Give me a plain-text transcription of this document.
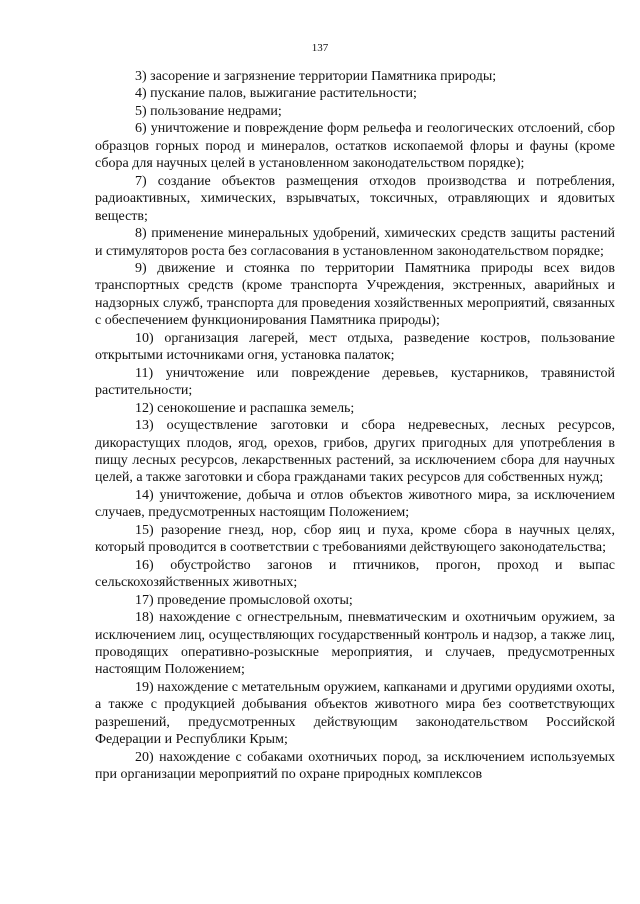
137

3) засорение и загрязнение территории Памятника природы;

4) пускание палов, выжигание растительности;

5) пользование недрами;

6) уничтожение и повреждение форм рельефа и геологических отслоений, сбор образцов горных пород и минералов, остатков ископаемой флоры и фауны (кроме сбора для научных целей в установленном законодательством порядке);

7) создание объектов размещения отходов производства и потребления, радиоактивных, химических, взрывчатых, токсичных, отравляющих и ядовитых веществ;

8) применение минеральных удобрений, химических средств защиты растений и стимуляторов роста без согласования в установленном законодательством порядке;

9) движение и стоянка по территории Памятника природы всех видов транспортных средств (кроме транспорта Учреждения, экстренных, аварийных и надзорных служб, транспорта для проведения хозяйственных мероприятий, связанных с обеспечением функционирования Памятника природы);

10) организация лагерей, мест отдыха, разведение костров, пользование открытыми источниками огня, установка палаток;

11) уничтожение или повреждение деревьев, кустарников, травянистой растительности;

12) сенокошение и распашка земель;

13) осуществление заготовки и сбора недревесных, лесных ресурсов, дикорастущих плодов, ягод, орехов, грибов, других пригодных для употребления в пищу лесных ресурсов, лекарственных растений, за исключением сбора для научных целей, а также заготовки и сбора гражданами таких ресурсов для собственных нужд;

14) уничтожение, добыча и отлов объектов животного мира, за исключением случаев, предусмотренных настоящим Положением;

15) разорение гнезд, нор, сбор яиц и пуха, кроме сбора в научных целях, который проводится в соответствии с требованиями действующего законодательства;

16) обустройство загонов и птичников, прогон, проход и выпас сельскохозяйственных животных;

17) проведение промысловой охоты;

18) нахождение с огнестрельным, пневматическим и охотничьим оружием, за исключением лиц, осуществляющих государственный контроль и надзор, а также лиц, проводящих оперативно-розыскные мероприятия, и случаев, предусмотренных настоящим Положением;

19) нахождение с метательным оружием, капканами и другими орудиями охоты, а также с продукцией добывания объектов животного мира без соответствующих разрешений, предусмотренных действующим законодательством Российской Федерации и Республики Крым;

20) нахождение с собаками охотничьих пород, за исключением используемых при организации мероприятий по охране природных комплексов
